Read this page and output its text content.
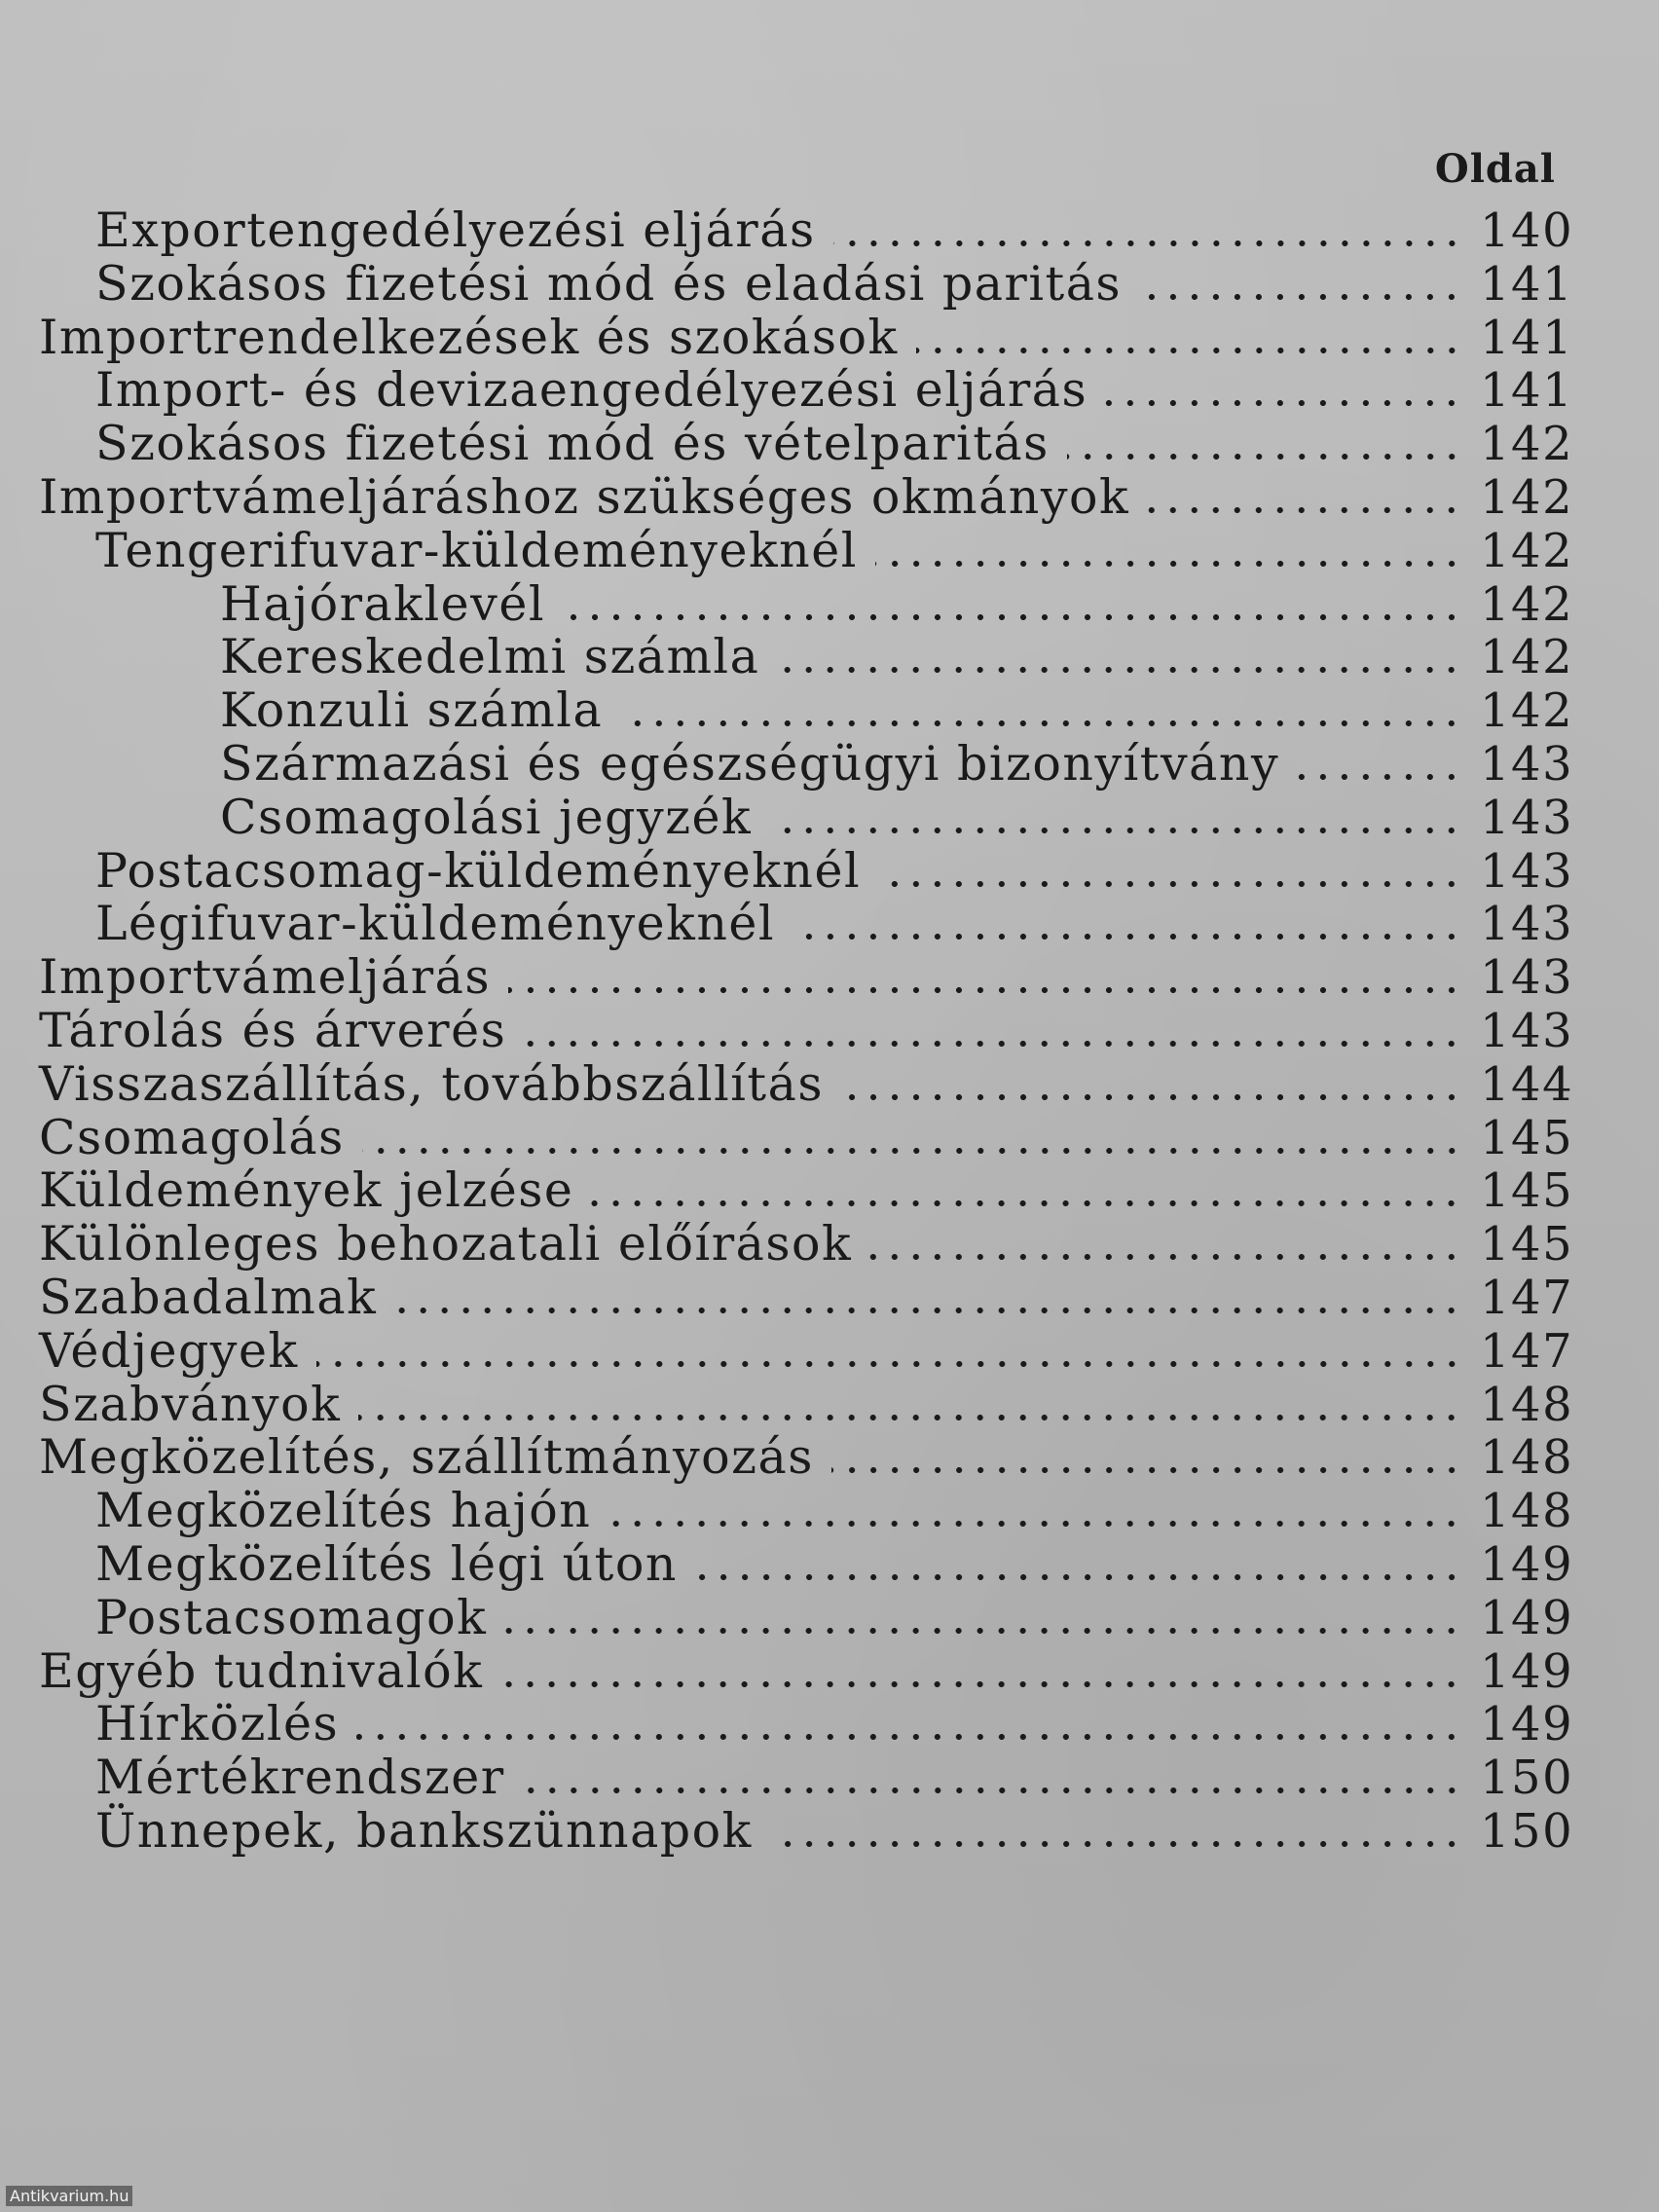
Oldal
Exportengedélyezési eljárás	140
Szokásos fizetési mód és eladási paritás	141
Importrendelkezések és szokások	141
Import- és devizaengedélyezési eljárás	141
Szokásos fizetési mód és vételparitás	142
Importvámeljáráshoz szükséges okmányok	142
Tengerifuvar-küldeményeknél	142
Hajóraklevél	142
Kereskedelmi számla	142
Konzuli számla	142
Származási és egészségügyi bizonyítvány	143
Csomagolási jegyzék	143
Postacsomag-küldeményeknél	143
Légifuvar-küldeményeknél	143
Importvámeljárás	143
Tárolás és árverés	143
Visszaszállítás, továbbszállítás	144
Csomagolás	145
Küldemények jelzése	145
Különleges behozatali előírások	145
Szabadalmak	147
Védjegyek	147
Szabványok	148
Megközelítés, szállítmányozás	148
Megközelítés hajón	148
Megközelítés légi úton	149
Postacsomagok	149
Egyéb tudnivalók	149
Hírközlés	149
Mértékrendszer	150
Ünnepek, bankszünnapok	150
Antikvarium.hu
